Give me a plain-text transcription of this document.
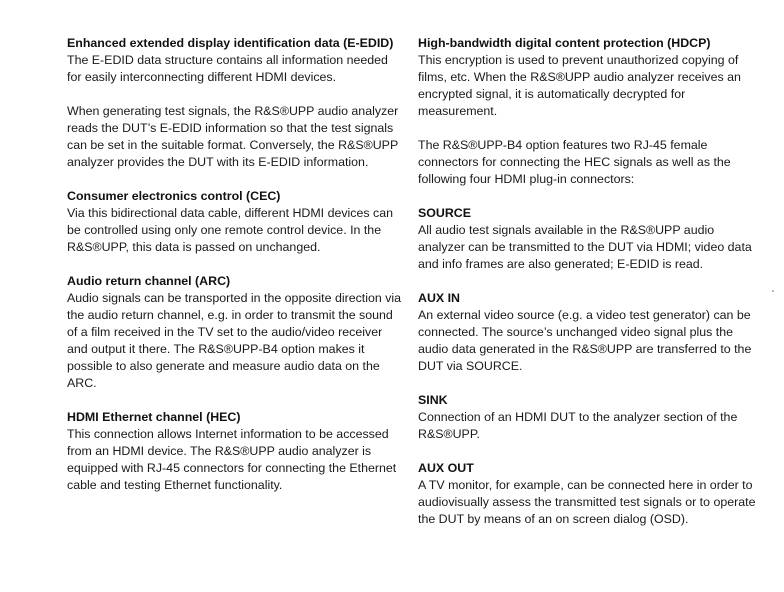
Enhanced extended display identification data (E-EDID)
The E-EDID data structure contains all information needed for easily interconnecting different HDMI devices.
When generating test signals, the R&S®UPP audio analyzer reads the DUT’s E-EDID information so that the test signals can be set in the suitable format. Conversely, the R&S®UPP analyzer provides the DUT with its E-EDID information.
Consumer electronics control (CEC)
Via this bidirectional data cable, different HDMI devices can be controlled using only one remote control device. In the R&S®UPP, this data is passed on unchanged.
Audio return channel (ARC)
Audio signals can be transported in the opposite direction via the audio return channel, e.g. in order to transmit the sound of a film received in the TV set to the audio/video receiver and output it there. The R&S®UPP-B4 option makes it possible to also generate and measure audio data on the ARC.
HDMI Ethernet channel (HEC)
This connection allows Internet information to be accessed from an HDMI device. The R&S®UPP audio analyzer is equipped with RJ-45 connectors for connecting the Ethernet cable and testing Ethernet functionality.
High-bandwidth digital content protection (HDCP)
This encryption is used to prevent unauthorized copying of films, etc. When the R&S®UPP audio analyzer receives an encrypted signal, it is automatically decrypted for measurement.
The R&S®UPP-B4 option features two RJ-45 female connectors for connecting the HEC signals as well as the following four HDMI plug-in connectors:
SOURCE
All audio test signals available in the R&S®UPP audio analyzer can be transmitted to the DUT via HDMI; video data and info frames are also generated; E-EDID is read.
AUX IN
An external video source (e.g. a video test generator) can be connected. The source’s unchanged video signal plus the audio data generated in the R&S®UPP are transferred to the DUT via SOURCE.
SINK
Connection of an HDMI DUT to the analyzer section of the R&S®UPP.
AUX OUT
A TV monitor, for example, can be connected here in order to audiovisually assess the transmitted test signals or to operate the DUT by means of an on screen dialog (OSD).
